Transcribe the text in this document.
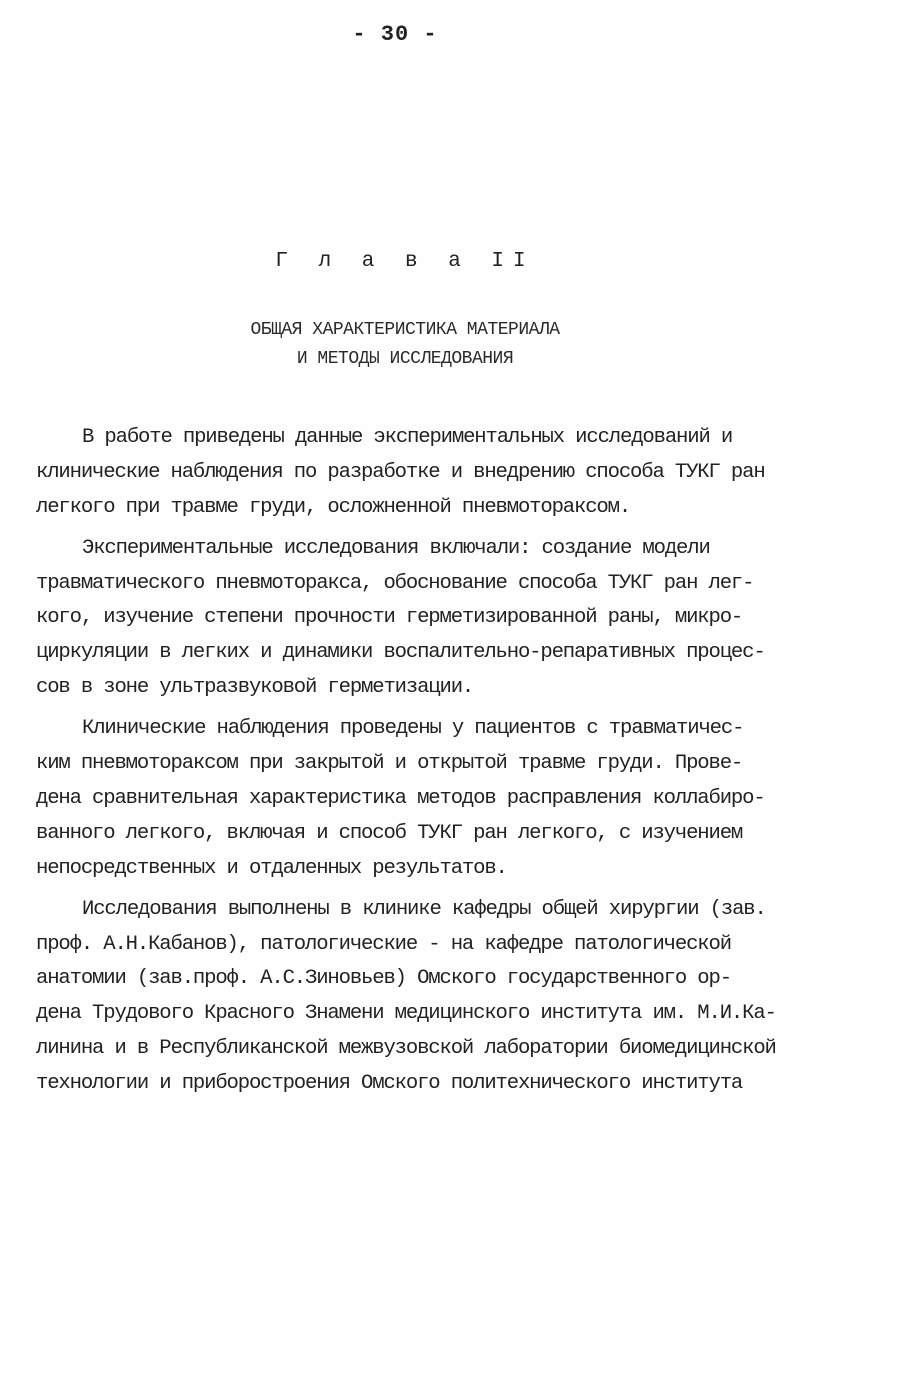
- 30 -
Г л а в а II
ОБЩАЯ ХАРАКТЕРИСТИКА МАТЕРИАЛА
И МЕТОДЫ ИССЛЕДОВАНИЯ

В работе приведены данные экспериментальных исследований и
клинические наблюдения по разработке и внедрению способа ТУКГ ран
легкого при травме груди, осложненной пневмотораксом.

Экспериментальные исследования включали: создание модели
травматического пневмоторакса, обоснование способа ТУКГ ран лег-
кого, изучение степени прочности герметизированной раны, микро-
циркуляции в легких и динамики воспалительно-репаративных процес-
сов в зоне ультразвуковой герметизации.

Клинические наблюдения проведены у пациентов с травматичес-
ким пневмотораксом при закрытой и открытой травме груди. Прове-
дена сравнительная характеристика методов расправления коллабиро-
ванного легкого, включая и способ ТУКГ ран легкого, с изучением
непосредственных и отдаленных результатов.

Исследования выполнены в клинике кафедры общей хирургии (зав.
проф. А.Н.Кабанов), патологические - на кафедре патологической
анатомии (зав.проф. А.С.Зиновьев) Омского государственного ор-
дена Трудового Красного Знамени медицинского института им. М.И.Ка-
линина и в Республиканской межвузовской лаборатории биомедицинской
технологии и приборостроения Омского политехнического института
